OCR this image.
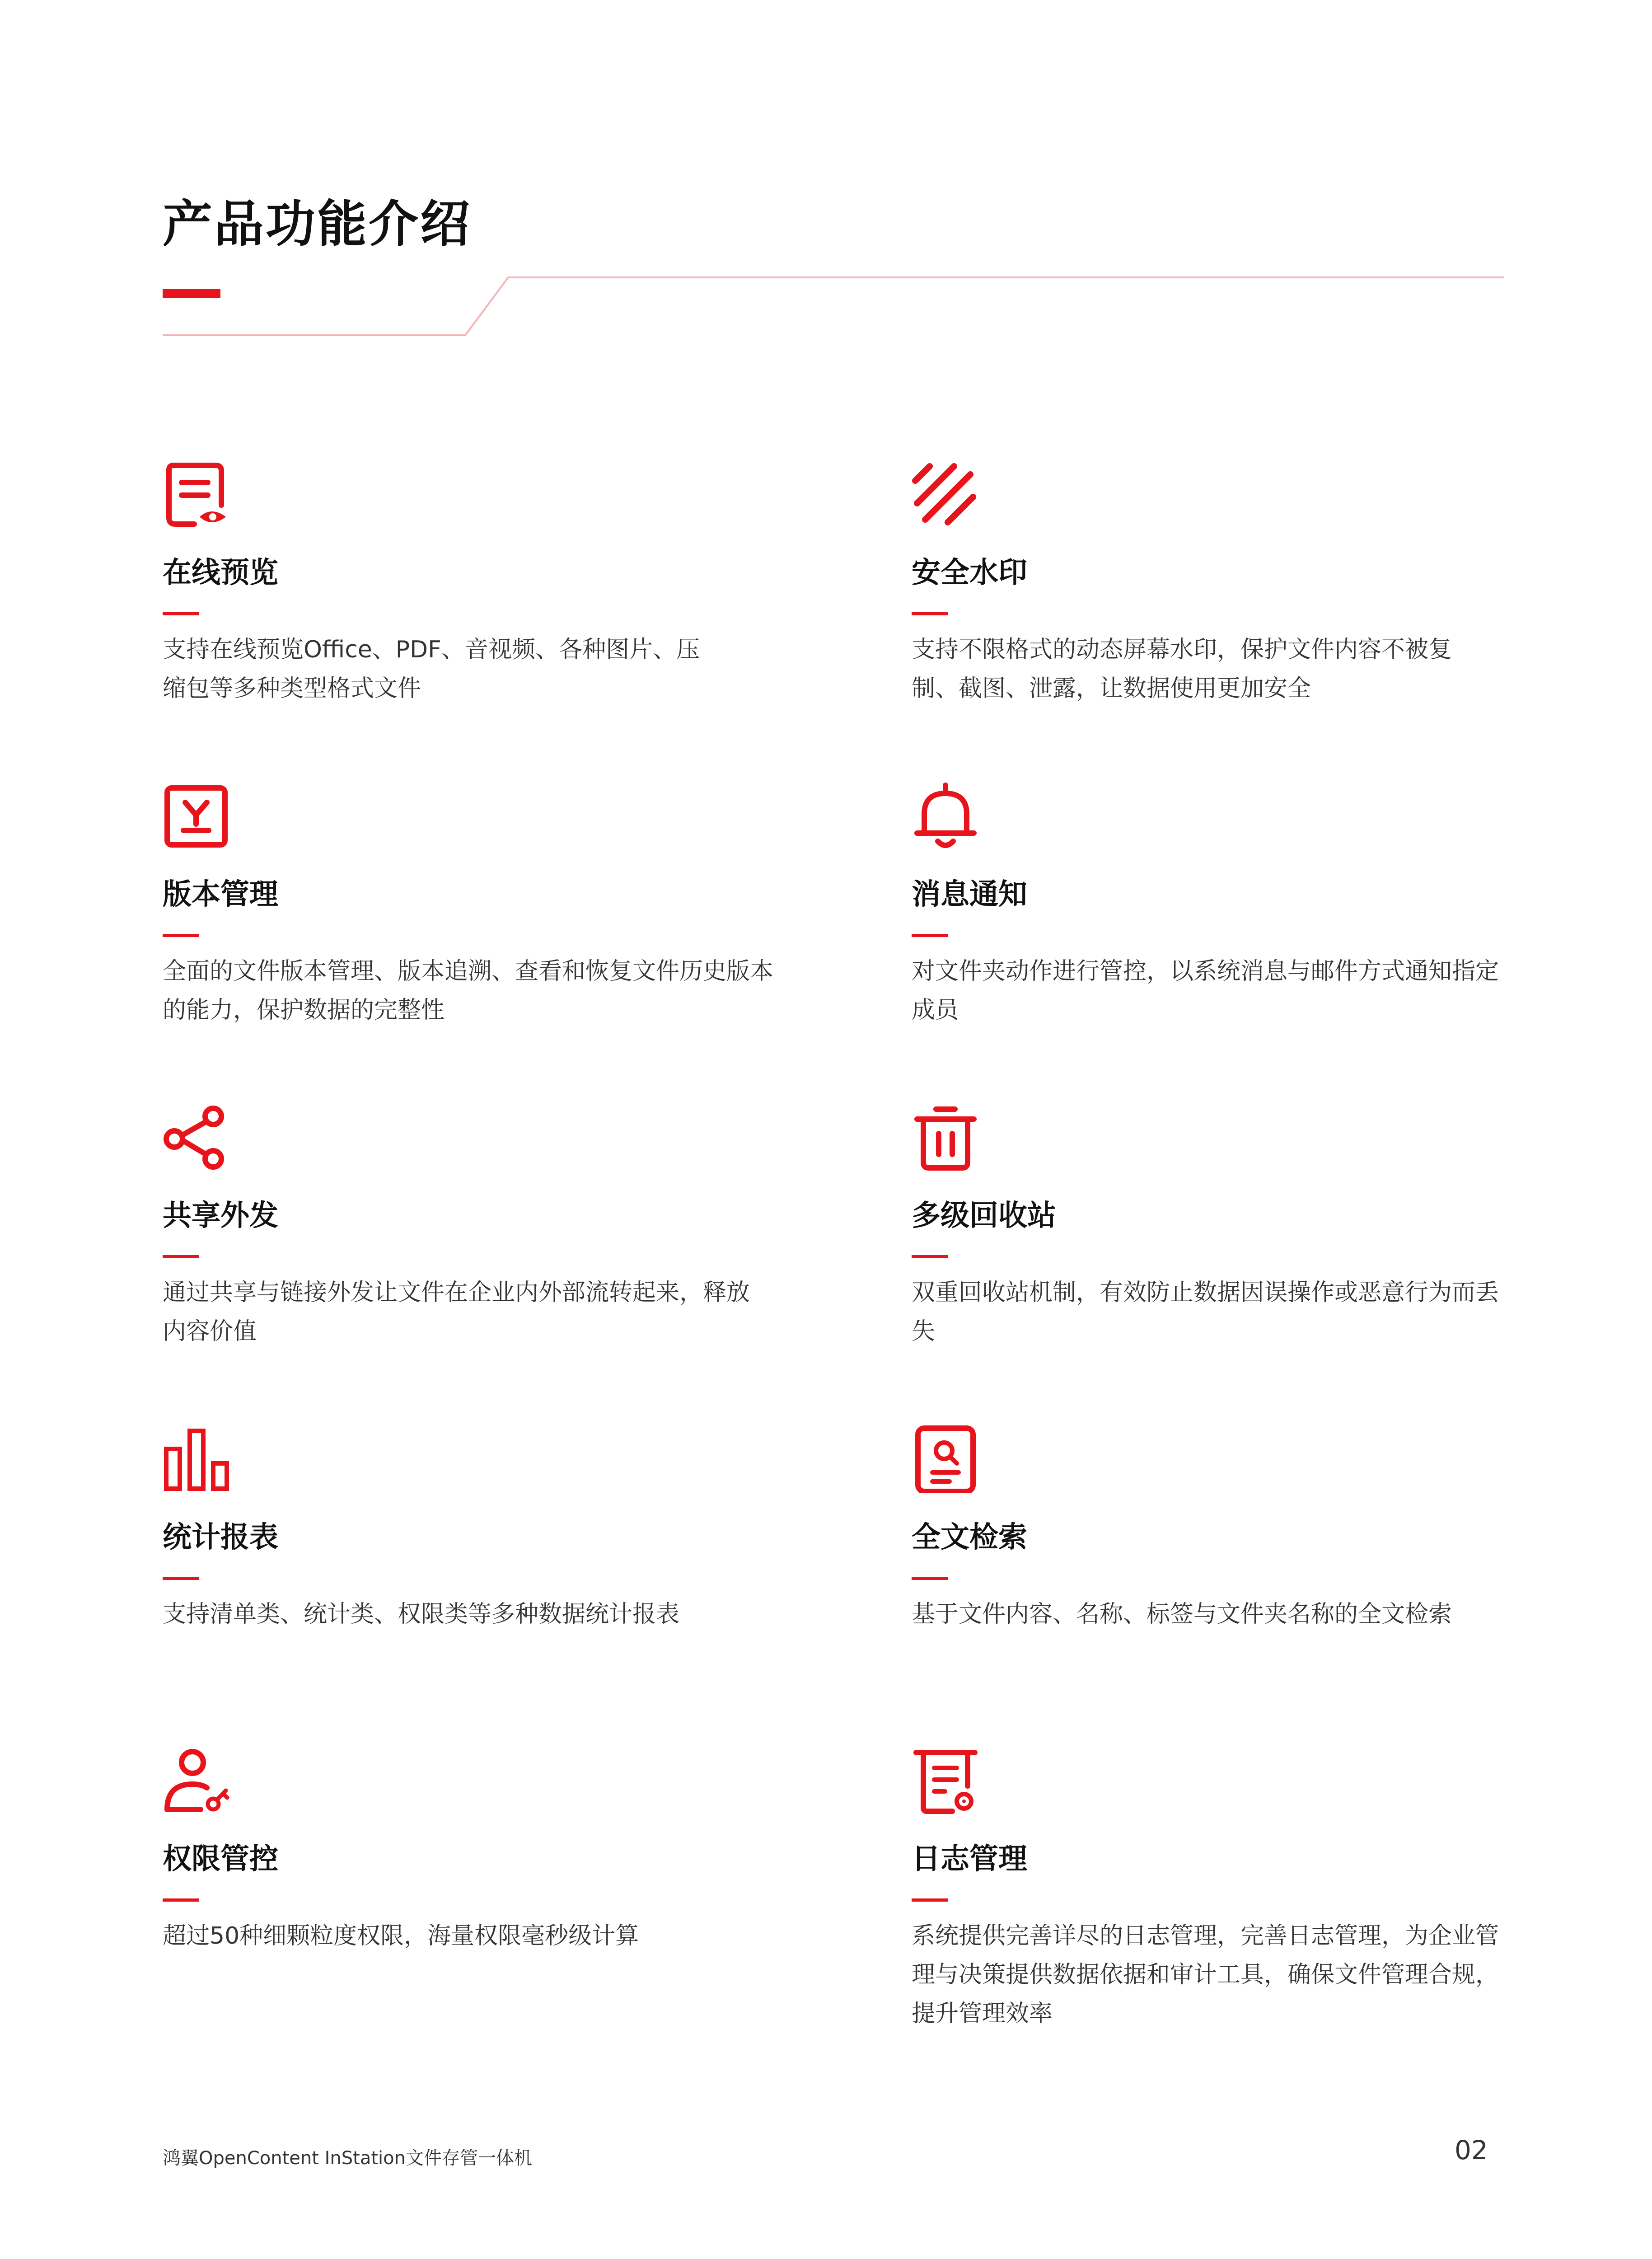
产品功能介绍
在线预览
支持在线预览Office、PDF、音视频、各种图片、压缩包等多种类型格式文件
安全水印
支持不限格式的动态屏幕水印，保护文件内容不被复制、截图、泄露，让数据使用更加安全
版本管理
全面的文件版本管理、版本追溯、查看和恢复文件历史版本的能力，保护数据的完整性
消息通知
对文件夹动作进行管控，以系统消息与邮件方式通知指定成员
共享外发
通过共享与链接外发让文件在企业内外部流转起来，释放内容价值
多级回收站
双重回收站机制，有效防止数据因误操作或恶意行为而丢失
统计报表
支持清单类、统计类、权限类等多种数据统计报表
全文检索
基于文件内容、名称、标签与文件夹名称的全文检索
权限管控
超过50种细颗粒度权限，海量权限毫秒级计算
日志管理
系统提供完善详尽的日志管理，完善日志管理，为企业管理与决策提供数据依据和审计工具，确保文件管理合规，提升管理效率
鸿翼OpenContent InStation文件存管一体机	02
